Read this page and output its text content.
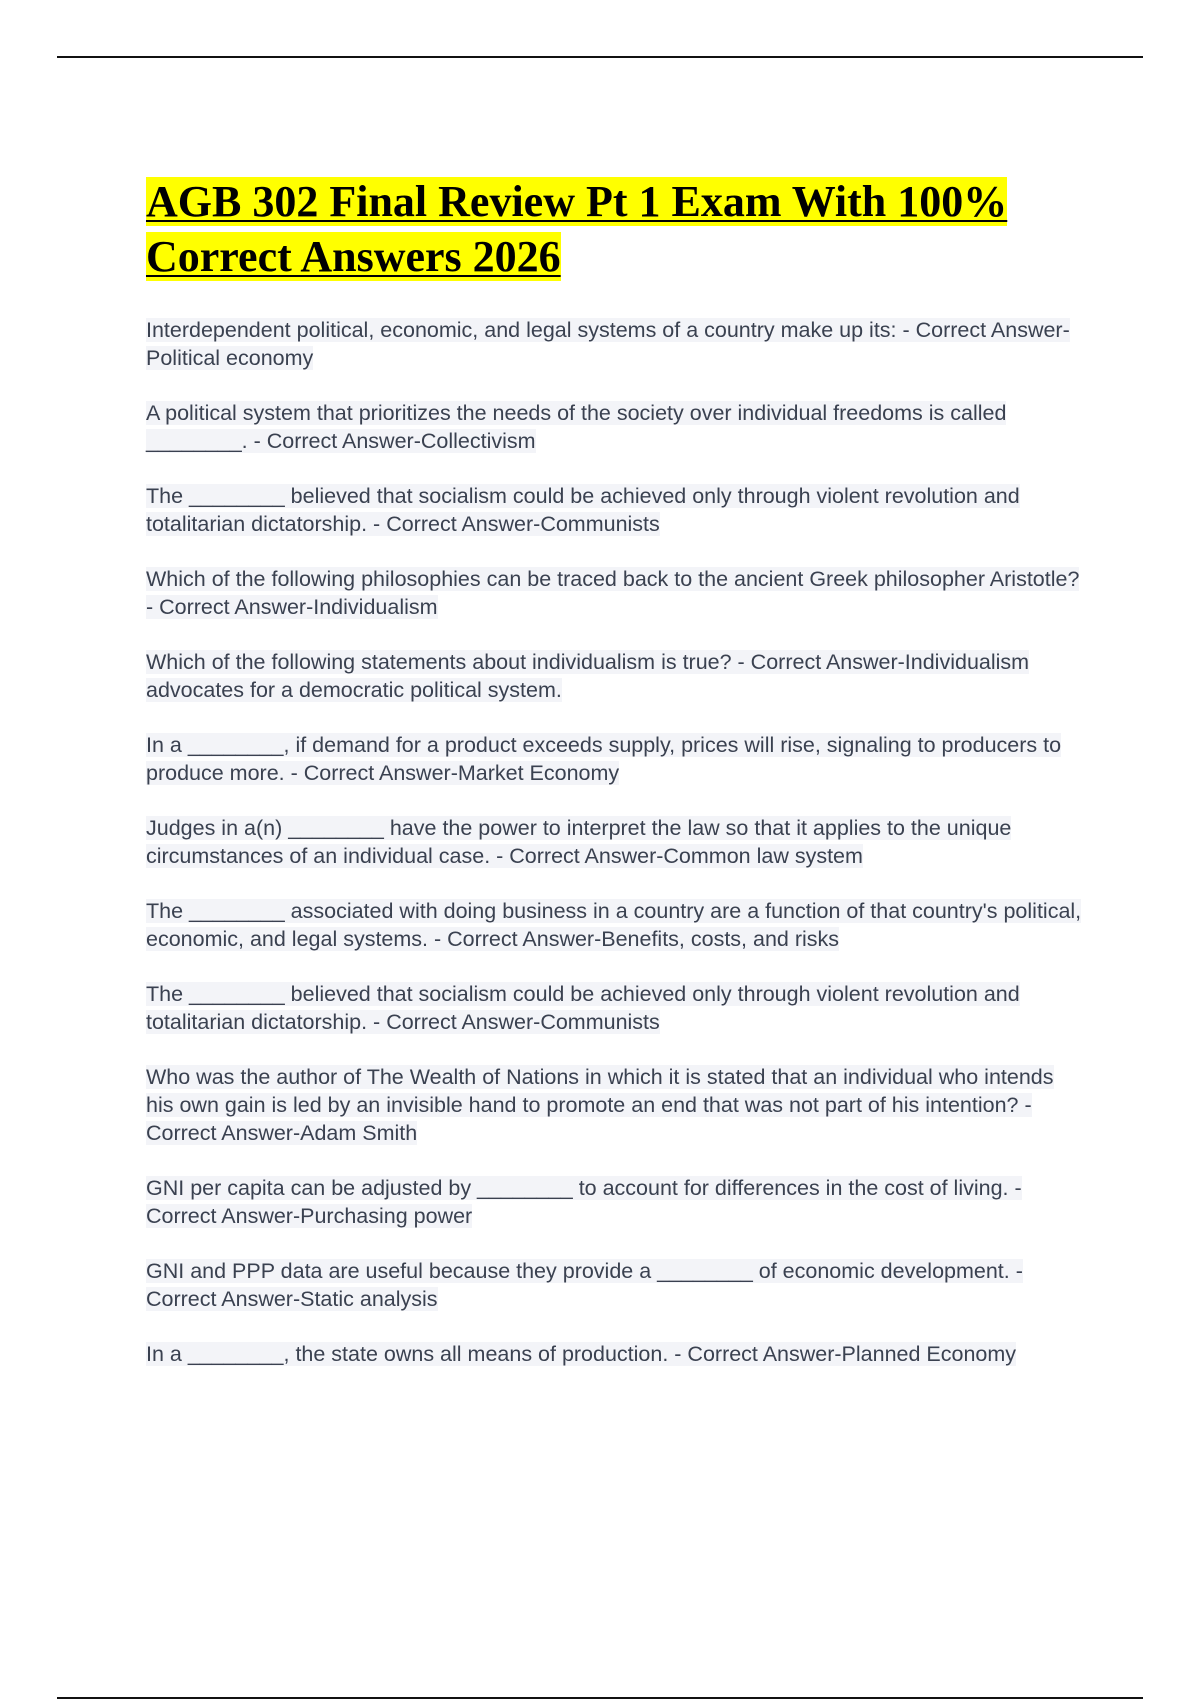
AGB 302 Final Review Pt 1 Exam With 100% Correct Answers 2026
Interdependent political, economic, and legal systems of a country make up its: - Correct Answer-Political economy
A political system that prioritizes the needs of the society over individual freedoms is called ________. - Correct Answer-Collectivism
The ________ believed that socialism could be achieved only through violent revolution and totalitarian dictatorship. - Correct Answer-Communists
Which of the following philosophies can be traced back to the ancient Greek philosopher Aristotle? - Correct Answer-Individualism
Which of the following statements about individualism is true? - Correct Answer-Individualism advocates for a democratic political system.
In a ________, if demand for a product exceeds supply, prices will rise, signaling to producers to produce more. - Correct Answer-Market Economy
Judges in a(n) ________ have the power to interpret the law so that it applies to the unique circumstances of an individual case. - Correct Answer-Common law system
The ________ associated with doing business in a country are a function of that country's political, economic, and legal systems. - Correct Answer-Benefits, costs, and risks
The ________ believed that socialism could be achieved only through violent revolution and totalitarian dictatorship. - Correct Answer-Communists
Who was the author of The Wealth of Nations in which it is stated that an individual who intends his own gain is led by an invisible hand to promote an end that was not part of his intention? - Correct Answer-Adam Smith
GNI per capita can be adjusted by ________ to account for differences in the cost of living. - Correct Answer-Purchasing power
GNI and PPP data are useful because they provide a ________ of economic development. - Correct Answer-Static analysis
In a ________, the state owns all means of production. - Correct Answer-Planned Economy
